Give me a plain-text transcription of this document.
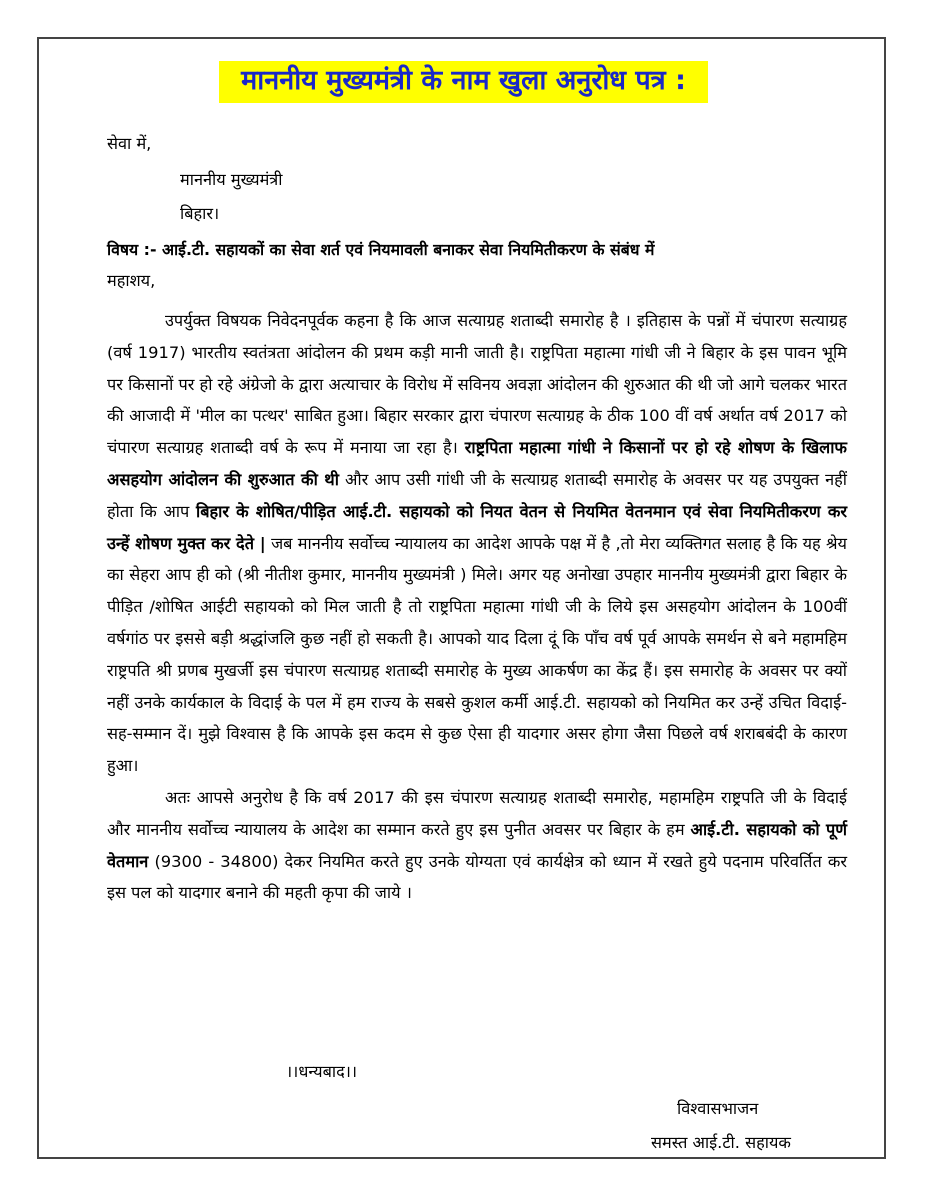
माननीय मुख्यमंत्री के नाम खुला अनुरोध पत्र :
सेवा में,
माननीय मुख्यमंत्री
बिहार।
विषय :- आई.टी. सहायकों का सेवा शर्त एवं नियमावली बनाकर सेवा नियमितीकरण के संबंध में
महाशय,

उपर्युक्त विषयक निवेदनपूर्वक कहना है कि आज सत्याग्रह शताब्दी समारोह है । इतिहास के पन्नों में चंपारण सत्याग्रह (वर्ष 1917) भारतीय स्वतंत्रता आंदोलन की प्रथम कड़ी मानी जाती है। राष्ट्रपिता महात्मा गांधी जी ने बिहार के इस पावन भूमि पर किसानों पर हो रहे अंग्रेजो के द्वारा अत्याचार के विरोध में सविनय अवज्ञा आंदोलन की शुरुआत की थी जो आगे चलकर भारत की आजादी में 'मील का पत्थर' साबित हुआ। बिहार सरकार द्वारा चंपारण सत्याग्रह के ठीक 100 वीं वर्ष अर्थात वर्ष 2017 को चंपारण सत्याग्रह शताब्दी वर्ष के रूप में मनाया जा रहा है। राष्ट्रपिता महात्मा गांधी ने किसानों पर हो रहे शोषण के खिलाफ असहयोग आंदोलन की शुरुआत की थी और आप उसी गांधी जी के सत्याग्रह शताब्दी समारोह के अवसर पर यह उपयुक्त नहीं होता कि आप बिहार के शोषित/पीड़ित आई.टी. सहायको को नियत वेतन से नियमित वेतनमान एवं सेवा नियमितीकरण कर उन्हें शोषण मुक्त कर देते | जब माननीय सर्वोच्च न्यायालय का आदेश आपके पक्ष में है ,तो मेरा व्यक्तिगत सलाह है कि यह श्रेय का सेहरा आप ही को (श्री नीतीश कुमार, माननीय मुख्यमंत्री ) मिले। अगर यह अनोखा उपहार माननीय मुख्यमंत्री द्वारा बिहार के पीड़ित /शोषित आईटी सहायको को मिल जाती है तो राष्ट्रपिता महात्मा गांधी जी के लिये इस असहयोग आंदोलन के 100वीं वर्षगांठ पर इससे बड़ी श्रद्धांजलि कुछ नहीं हो सकती है। आपको याद दिला दूं कि पाँच वर्ष पूर्व आपके समर्थन से बने महामहिम राष्ट्रपति श्री प्रणब मुखर्जी इस चंपारण सत्याग्रह शताब्दी समारोह के मुख्य आकर्षण का केंद्र हैं। इस समारोह के अवसर पर क्यों नहीं उनके कार्यकाल के विदाई के पल में हम राज्य के सबसे कुशल कर्मी आई.टी. सहायको को नियमित कर उन्हें उचित विदाई-सह-सम्मान दें। मुझे विश्वास है कि आपके इस कदम से कुछ ऐसा ही यादगार असर होगा जैसा पिछले वर्ष शराबबंदी के कारण हुआ।

अतः आपसे अनुरोध है कि वर्ष 2017 की इस चंपारण सत्याग्रह शताब्दी समारोह, महामहिम राष्ट्रपति जी के विदाई और माननीय सर्वोच्च न्यायालय के आदेश का सम्मान करते हुए इस पुनीत अवसर पर बिहार के हम आई.टी. सहायको को पूर्ण वेतमान (9300 - 34800) देकर नियमित करते हुए उनके योग्यता एवं कार्यक्षेत्र को ध्यान में रखते हुये पदनाम परिवर्तित कर इस पल को यादगार बनाने की महती कृपा की जाये ।

।।धन्यबाद।।
विश्वासभाजन
समस्त आई.टी. सहायक
